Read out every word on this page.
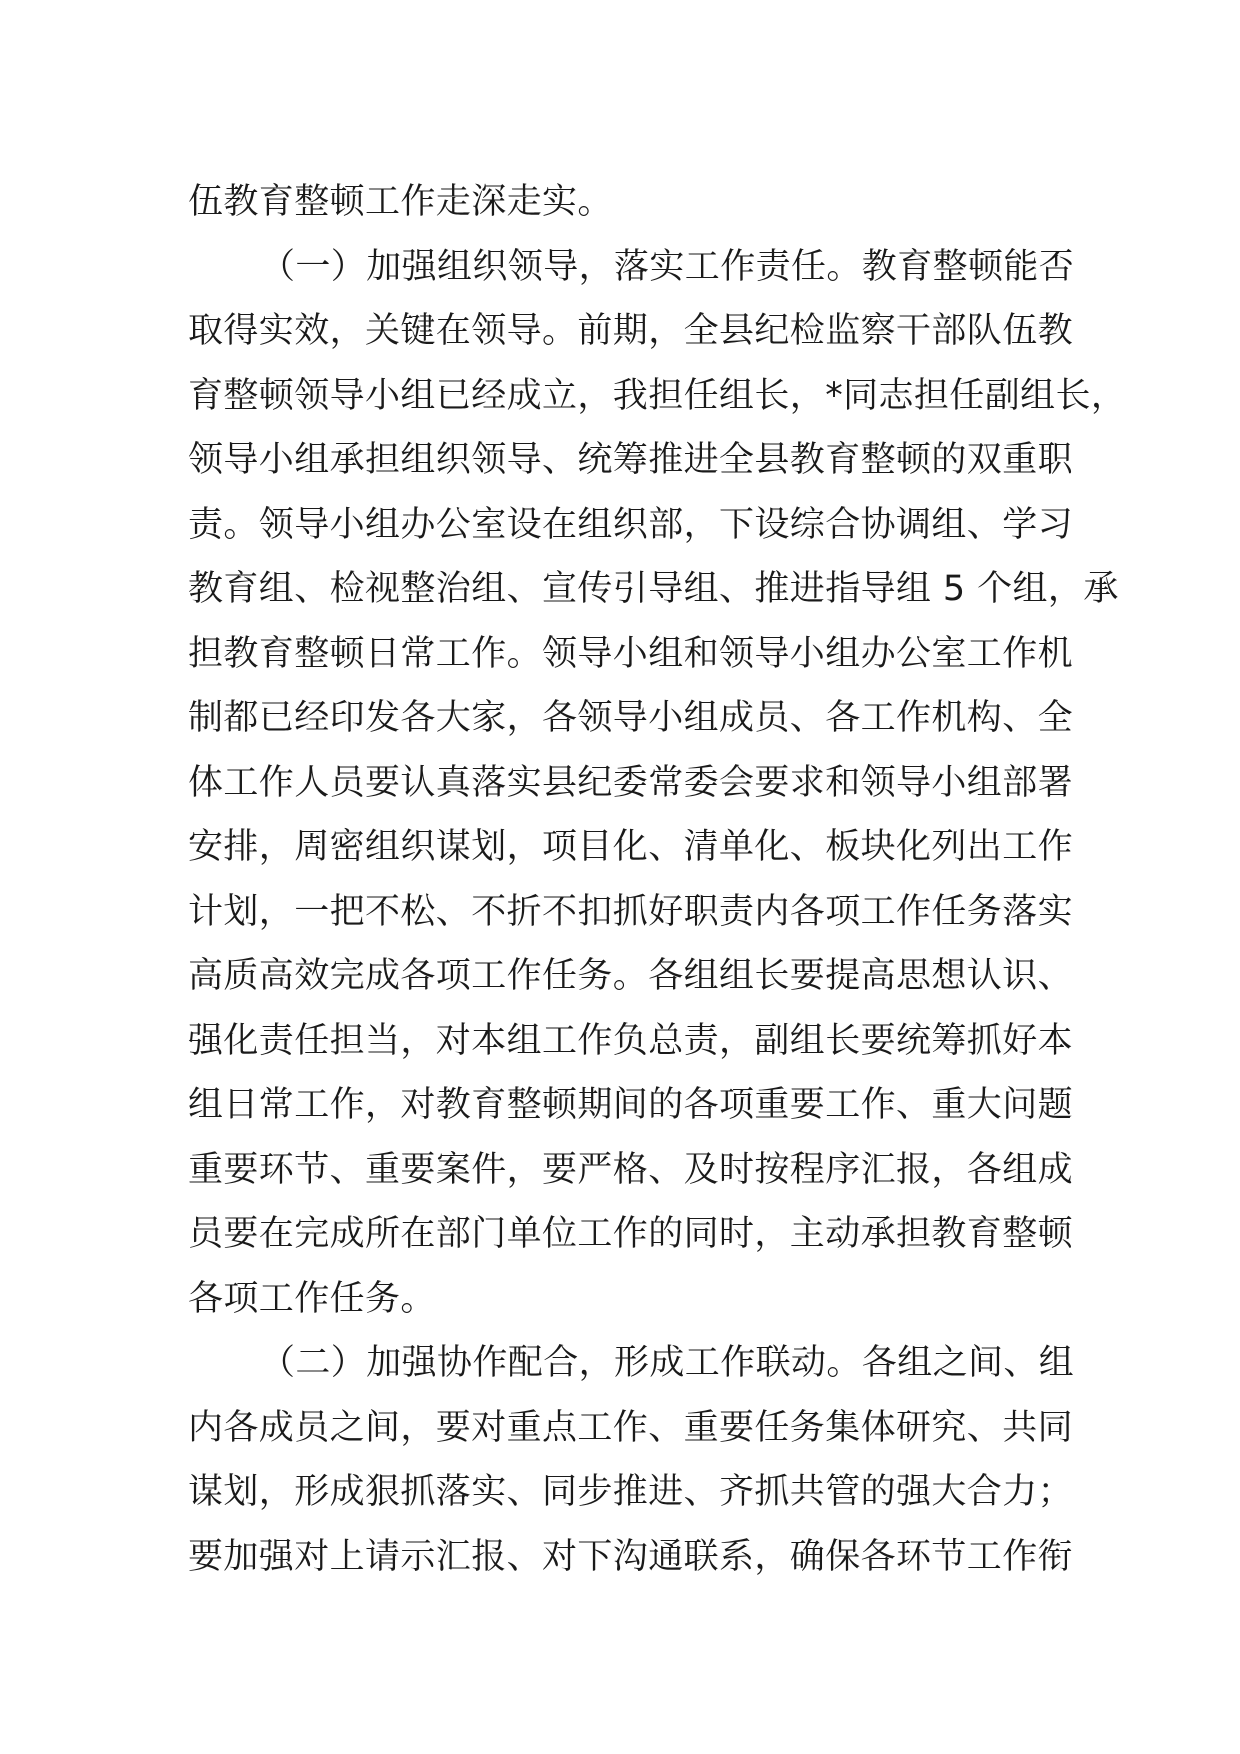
伍教育整顿工作走深走实。
（一）加强组织领导，落实工作责任。教育整顿能否
取得实效，关键在领导。前期，全县纪检监察干部队伍教
育整顿领导小组已经成立，我担任组长，*同志担任副组长，
领导小组承担组织领导、统筹推进全县教育整顿的双重职
责。领导小组办公室设在组织部，下设综合协调组、学习
教育组、检视整治组、宣传引导组、推进指导组 5 个组，承
担教育整顿日常工作。领导小组和领导小组办公室工作机
制都已经印发各大家，各领导小组成员、各工作机构、全
体工作人员要认真落实县纪委常委会要求和领导小组部署
安排，周密组织谋划，项目化、清单化、板块化列出工作
计划，一把不松、不折不扣抓好职责内各项工作任务落实
高质高效完成各项工作任务。各组组长要提高思想认识、
强化责任担当，对本组工作负总责，副组长要统筹抓好本
组日常工作，对教育整顿期间的各项重要工作、重大问题
重要环节、重要案件，要严格、及时按程序汇报，各组成
员要在完成所在部门单位工作的同时，主动承担教育整顿
各项工作任务。
（二）加强协作配合，形成工作联动。各组之间、组
内各成员之间，要对重点工作、重要任务集体研究、共同
谋划，形成狠抓落实、同步推进、齐抓共管的强大合力；
要加强对上请示汇报、对下沟通联系，确保各环节工作衔
